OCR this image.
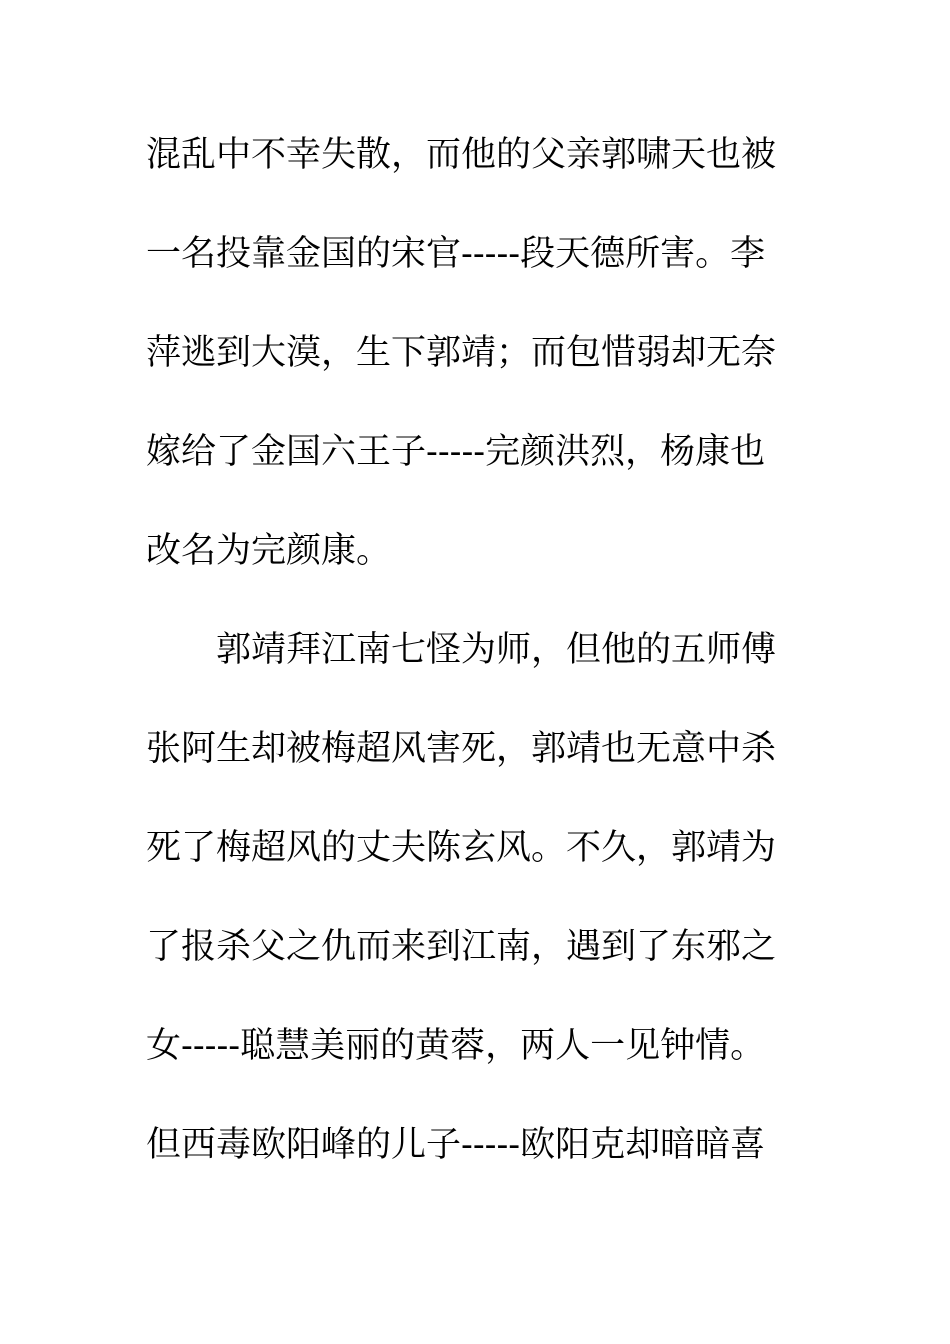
混乱中不幸失散，而他的父亲郭啸天也被
一名投靠金国的宋官-----段天德所害。李
萍逃到大漠，生下郭靖；而包惜弱却无奈
嫁给了金国六王子-----完颜洪烈，杨康也
改名为完颜康。
郭靖拜江南七怪为师，但他的五师傅
张阿生却被梅超风害死，郭靖也无意中杀
死了梅超风的丈夫陈玄风。不久，郭靖为
了报杀父之仇而来到江南，遇到了东邪之
女-----聪慧美丽的黄蓉，两人一见钟情。
但西毒欧阳峰的儿子-----欧阳克却暗暗喜
